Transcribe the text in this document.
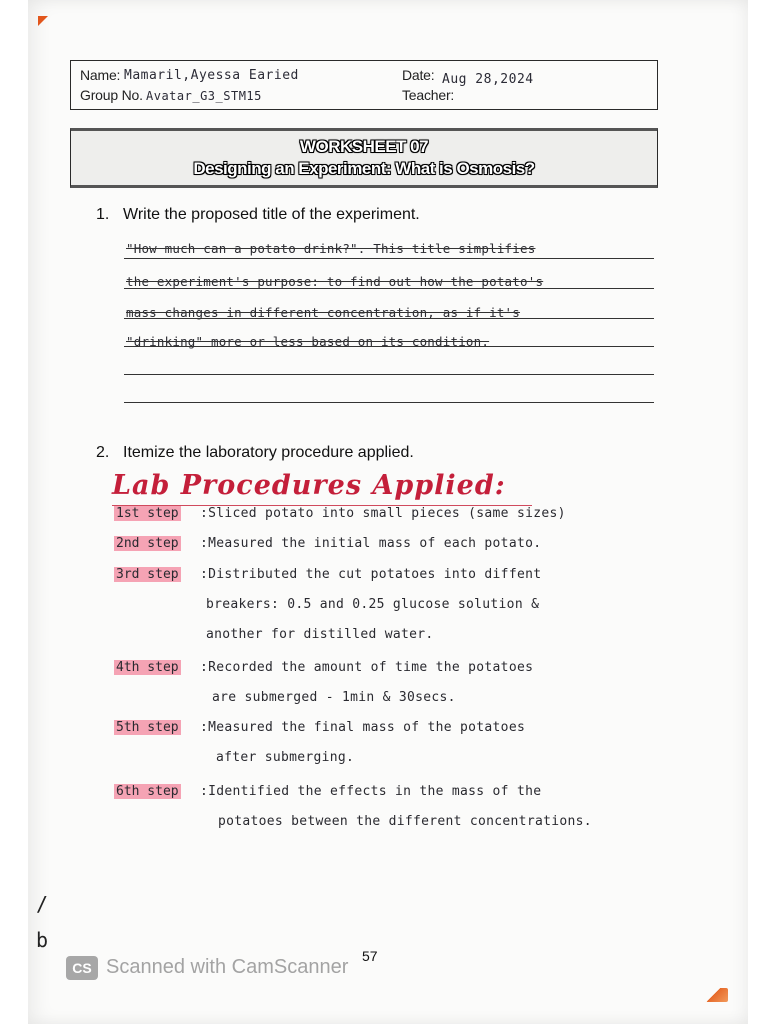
Name: Mamaril,Ayessa Earied
Group No. Avatar_G3_STM15
Date: Aug 28,2024
Teacher:
WORKSHEET 07
Designing an Experiment: What is Osmosis?
1. Write the proposed title of the experiment.
"How much can a potato drink?". This title simplifies
the experiment's purpose: to find out how the potato's
mass changes in different concentration, as if it's
"drinking" more or less based on its condition.
2. Itemize the laboratory procedure applied.
Lab Procedures Applied:
1st step :Sliced potato into small pieces (same sizes)
2nd step :Measured the initial mass of each potato.
3rd step :Distributed the cut potatoes into diffent
breakers: 0.5 and 0.25 glucose solution &
another for distilled water.
4th step :Recorded the amount of time the potatoes
are submerged - 1min & 30secs.
5th step :Measured the final mass of the potatoes
after submerging.
6th step :Identified the effects in the mass of the
potatoes between the different concentrations.
/
b
57
CS Scanned with CamScanner
